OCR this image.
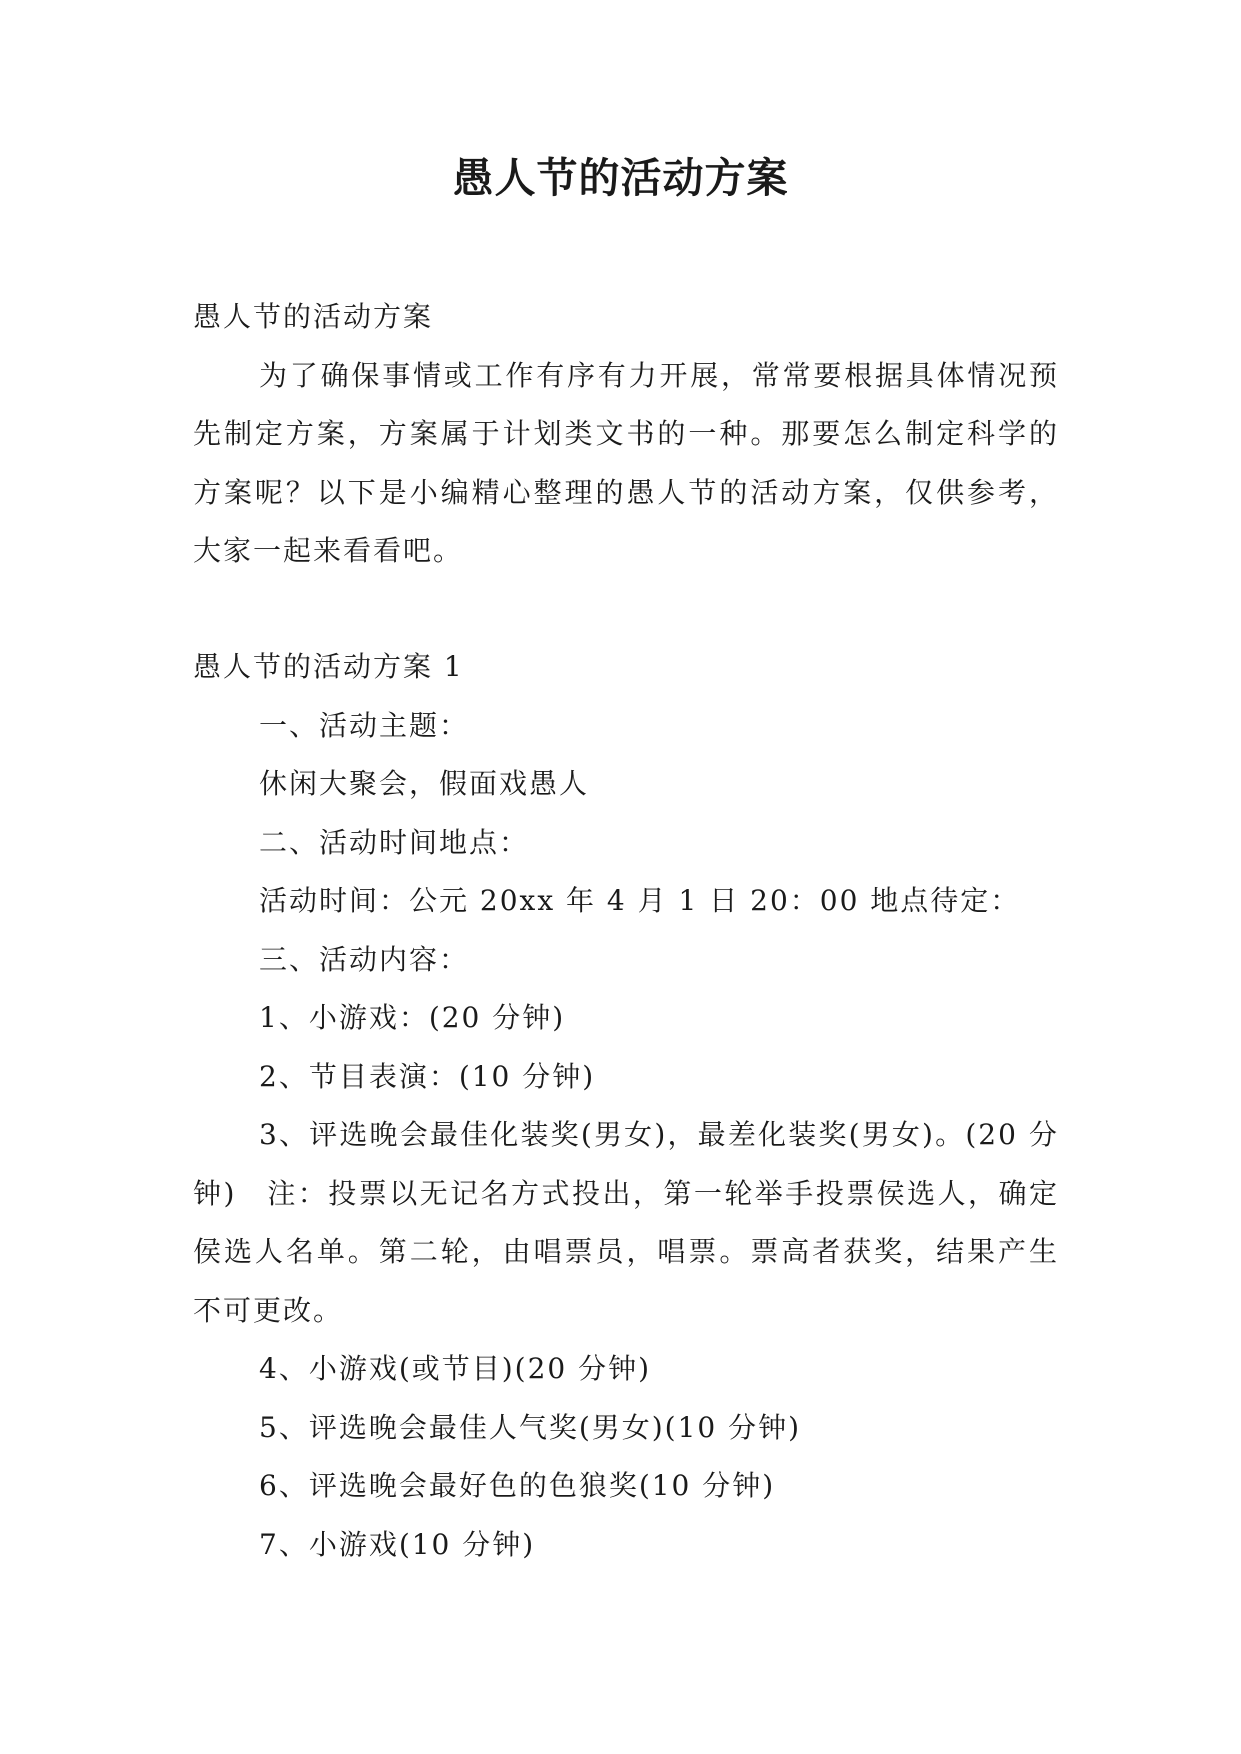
愚人节的活动方案
愚人节的活动方案

为了确保事情或工作有序有力开展，常常要根据具体情况预先制定方案，方案属于计划类文书的一种。那要怎么制定科学的方案呢？以下是小编精心整理的愚人节的活动方案，仅供参考，大家一起来看看吧。

愚人节的活动方案 1
一、活动主题：
休闲大聚会，假面戏愚人
二、活动时间地点：
活动时间：公元 20xx 年 4 月 1 日 20：00 地点待定：
三、活动内容：
1、小游戏：(20 分钟)
2、节目表演：(10 分钟)

3、评选晚会最佳化装奖(男女)，最差化装奖(男女)。(20 分钟)　注：投票以无记名方式投出，第一轮举手投票侯选人，确定侯选人名单。第二轮，由唱票员，唱票。票高者获奖，结果产生不可更改。

4、小游戏(或节目)(20 分钟)
5、评选晚会最佳人气奖(男女)(10 分钟)
6、评选晚会最好色的色狼奖(10 分钟)
7、小游戏(10 分钟)
